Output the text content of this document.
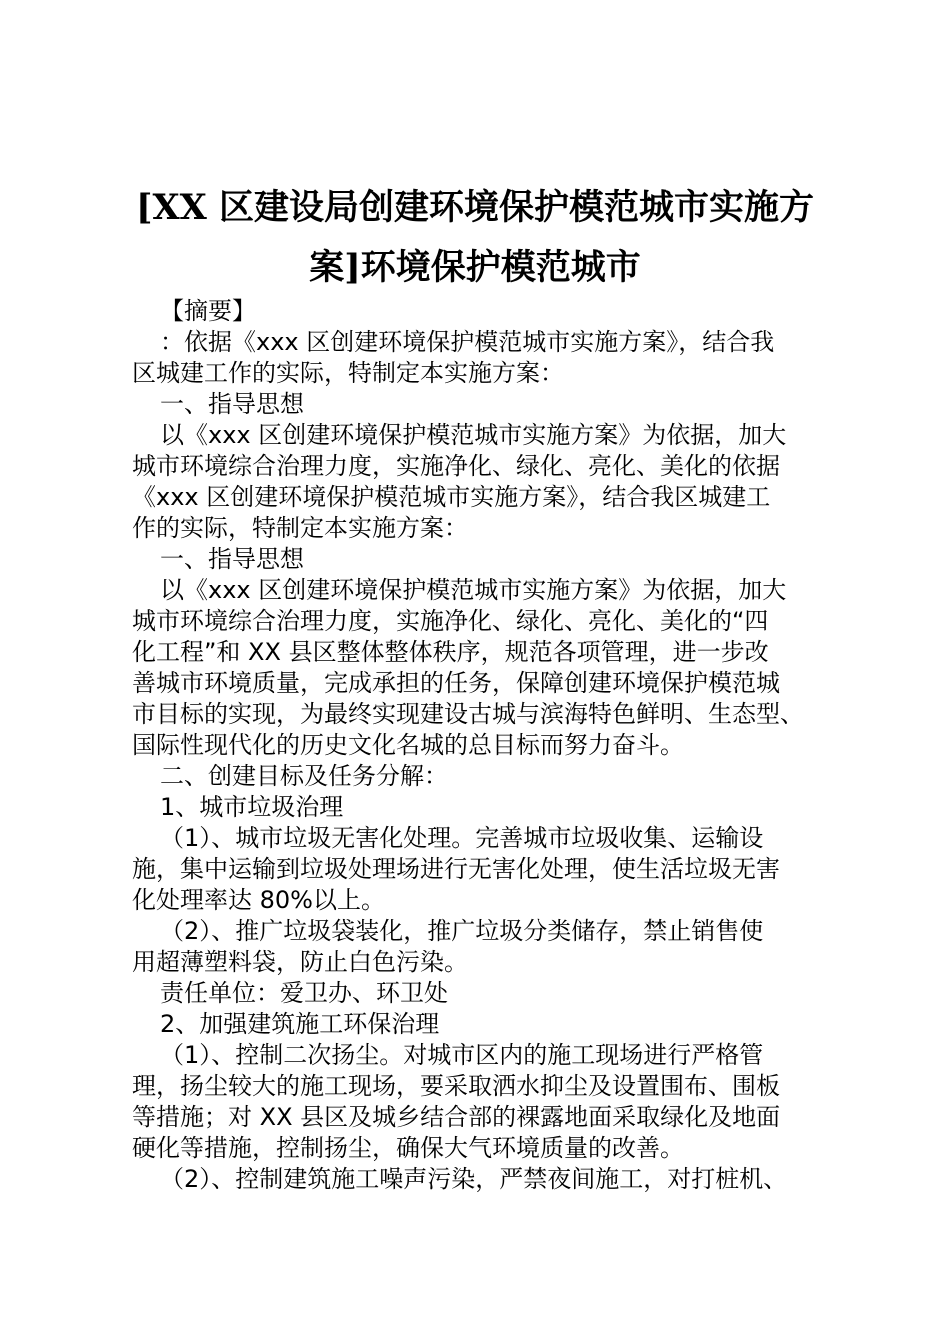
[XX 区建设局创建环境保护模范城市实施方
案]环境保护模范城市
【摘要】
：依据《xxx 区创建环境保护模范城市实施方案》，结合我
区城建工作的实际，特制定本实施方案：
一、指导思想
以《xxx 区创建环境保护模范城市实施方案》为依据，加大
城市环境综合治理力度，实施净化、绿化、亮化、美化的依据
《xxx 区创建环境保护模范城市实施方案》，结合我区城建工
作的实际，特制定本实施方案：
一、指导思想
以《xxx 区创建环境保护模范城市实施方案》为依据，加大
城市环境综合治理力度，实施净化、绿化、亮化、美化的“四
化工程”和 XX 县区整体整体秩序，规范各项管理，进一步改
善城市环境质量，完成承担的任务，保障创建环境保护模范城
市目标的实现，为最终实现建设古城与滨海特色鲜明、生态型、
国际性现代化的历史文化名城的总目标而努力奋斗。
二、创建目标及任务分解：
1、城市垃圾治理
（1）、城市垃圾无害化处理。完善城市垃圾收集、运输设
施，集中运输到垃圾处理场进行无害化处理，使生活垃圾无害
化处理率达 80%以上。
（2）、推广垃圾袋装化，推广垃圾分类储存，禁止销售使
用超薄塑料袋，防止白色污染。
责任单位：爱卫办、环卫处
2、加强建筑施工环保治理
（1）、控制二次扬尘。对城市区内的施工现场进行严格管
理，扬尘较大的施工现场，要采取洒水抑尘及设置围布、围板
等措施；对 XX 县区及城乡结合部的裸露地面采取绿化及地面
硬化等措施，控制扬尘，确保大气环境质量的改善。
（2）、控制建筑施工噪声污染，严禁夜间施工，对打桩机、
